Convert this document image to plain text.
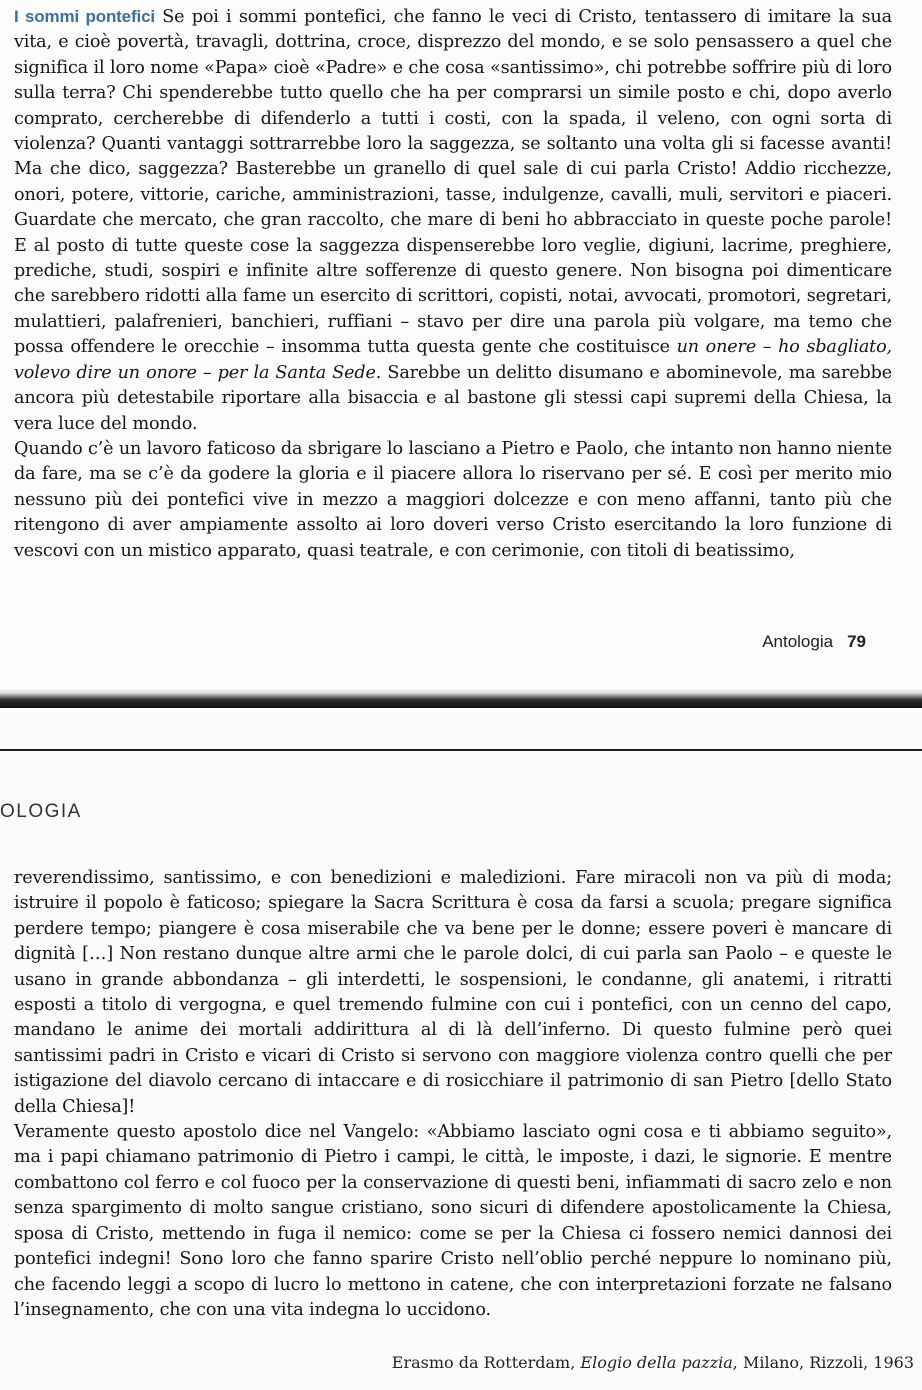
I sommi pontefici Se poi i sommi pontefici, che fanno le veci di Cristo, tentassero di imitare la sua vita, e cioè povertà, travagli, dottrina, croce, disprezzo del mondo, e se solo pensassero a quel che significa il loro nome «Papa» cioè «Padre» e che cosa «santissimo», chi potrebbe soffrire più di loro sulla terra? Chi spenderebbe tutto quello che ha per comprarsi un simile posto e chi, dopo averlo comprato, cercherebbe di difenderlo a tutti i costi, con la spada, il veleno, con ogni sorta di violenza? Quanti vantaggi sottrarrebbe loro la saggezza, se soltanto una volta gli si facesse avanti! Ma che dico, saggezza? Basterebbe un granello di quel sale di cui parla Cristo! Addio ricchezze, onori, potere, vittorie, cariche, amministrazioni, tasse, indulgenze, cavalli, muli, servitori e piaceri. Guardate che mercato, che gran raccolto, che mare di beni ho abbracciato in queste poche parole! E al posto di tutte queste cose la saggezza dispenserebbe loro veglie, digiuni, lacrime, preghiere, prediche, studi, sospiri e infinite altre sofferenze di questo genere. Non bisogna poi dimenticare che sarebbero ridotti alla fame un esercito di scrittori, copisti, notai, avvocati, promotori, segretari, mulattieri, palafrenieri, banchieri, ruffiani – stavo per dire una parola più volgare, ma temo che possa offendere le orecchie – insomma tutta questa gente che costituisce un onere – ho sbagliato, volevo dire un onore – per la Santa Sede. Sarebbe un delitto disumano e abominevole, ma sarebbe ancora più detestabile riportare alla bisaccia e al bastone gli stessi capi supremi della Chiesa, la vera luce del mondo.

Quando c’è un lavoro faticoso da sbrigare lo lasciano a Pietro e Paolo, che intanto non hanno niente da fare, ma se c’è da godere la gloria e il piacere allora lo riservano per sé. E così per merito mio nessuno più dei pontefici vive in mezzo a maggiori dolcezze e con meno affanni, tanto più che ritengono di aver ampiamente assolto ai loro doveri verso Cristo esercitando la loro funzione di vescovi con un mistico apparato, quasi teatrale, e con cerimonie, con titoli di beatissimo,

Antologia 79
OLOGIA

reverendissimo, santissimo, e con benedizioni e maledizioni. Fare miracoli non va più di moda; istruire il popolo è faticoso; spiegare la Sacra Scrittura è cosa da farsi a scuola; pregare significa perdere tempo; piangere è cosa miserabile che va bene per le donne; essere poveri è mancare di dignità […] Non restano dunque altre armi che le parole dolci, di cui parla san Paolo – e queste le usano in grande abbondanza – gli interdetti, le sospensioni, le condanne, gli anatemi, i ritratti esposti a titolo di vergogna, e quel tremendo fulmine con cui i pontefici, con un cenno del capo, mandano le anime dei mortali addirittura al di là dell’inferno. Di questo fulmine però quei santissimi padri in Cristo e vicari di Cristo si servono con maggiore violenza contro quelli che per istigazione del diavolo cercano di intaccare e di rosicchiare il patrimonio di san Pietro [dello Stato della Chiesa]!

Veramente questo apostolo dice nel Vangelo: «Abbiamo lasciato ogni cosa e ti abbiamo seguito», ma i papi chiamano patrimonio di Pietro i campi, le città, le imposte, i dazi, le signorie. E mentre combattono col ferro e col fuoco per la conservazione di questi beni, infiammati di sacro zelo e non senza spargimento di molto sangue cristiano, sono sicuri di difendere apostolicamente la Chiesa, sposa di Cristo, mettendo in fuga il nemico: come se per la Chiesa ci fossero nemici dannosi dei pontefici indegni! Sono loro che fanno sparire Cristo nell’oblio perché neppure lo nominano più, che facendo leggi a scopo di lucro lo mettono in catene, che con interpretazioni forzate ne falsano l’insegnamento, che con una vita indegna lo uccidono.

Erasmo da Rotterdam, Elogio della pazzia, Milano, Rizzoli, 1963
